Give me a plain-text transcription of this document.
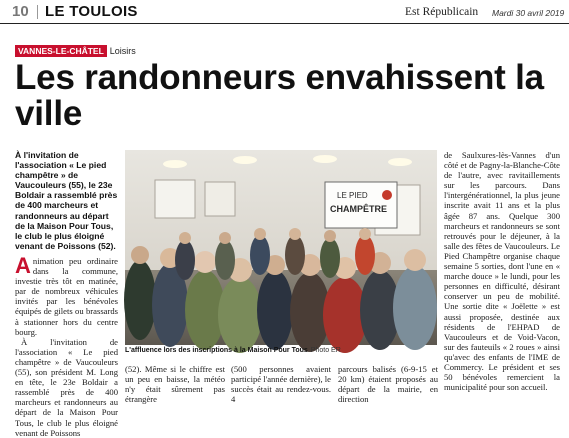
10 LE TOULOIS	Est Républicain Mardi 30 avril 2019
VANNES-LE-CHÂTEL Loisirs
Les randonneurs envahissent la ville
À l'invitation de l'association « Le pied champêtre » de Vaucouleurs (55), le 23e Boldair a rassemblé près de 400 marcheurs et randonneurs au départ de la Maison Pour Tous, le club le plus éloigné venant de Poissons (52).

Animation peu ordinaire dans la commune, investie très tôt en matinée, par de nombreux véhicules invités par les bénévoles équipés de gilets ou brassards à stationner hors du centre bourg.

À l'invitation de l'association « Le pied champêtre » de Vaucouleurs (55), son président M. Long en tête, le 23e Boldair a rassemblé près de 400 marcheurs et randonneurs au départ de la Maison Pour Tous, le club le plus éloigné venant de Poissons

LE PIED
CHAMPÊTRE
L'affluence lors des inscriptions à la Maison Pour Tous Photo ER
(52). Même si le chiffre est un peu en baisse, la météo n'y était sûrement pas étrangère
(500 personnes avaient participé l'année dernière), le succès était au rendez-vous. 4
parcours balisés (6-9-15 et 20 km) étaient proposés au départ de la mairie, en direction
de Saulxures-lès-Vannes d'un côté et de Pagny-la-Blanche-Côte de l'autre, avec ravitaillements sur les parcours. Dans l'intergénérationnel, la plus jeune inscrite avait 11 ans et la plus âgée 87 ans. Quelque 300 marcheurs et randonneurs se sont retrouvés pour le déjeuner, à la salle des fêtes de Vaucouleurs. Le Pied Champêtre organise chaque semaine 5 sorties, dont l'une en « marche douce » le lundi, pour les personnes en difficulté, désirant conserver un peu de mobilité. Une sortie dite « Joëlette » est aussi proposée, destinée aux résidents de l'EHPAD de Vaucouleurs et de Void-Vacon, sur des fauteuils « 2 roues » ainsi qu'avec des enfants de l'IME de Commercy. Le président et ses 50 bénévoles remercient la municipalité pour son accueil.
